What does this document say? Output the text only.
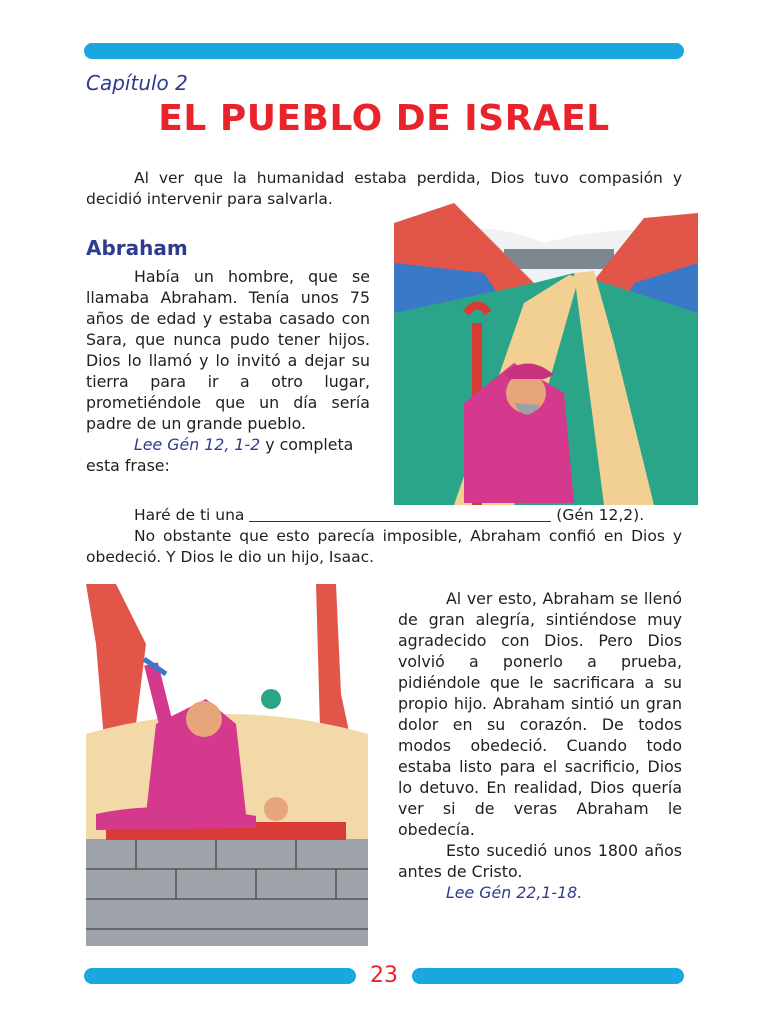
Capítulo 2
EL PUEBLO DE ISRAEL

Al ver que la humanidad estaba perdida, Dios tuvo compasión y decidió intervenir para salvarla.

Abraham

Había un hombre, que se llamaba Abraham. Tenía unos 75 años de edad y estaba casado con Sara, que nunca pudo tener hijos. Dios lo llamó y lo invitó a dejar su tierra para ir a otro lugar, prometiéndole que un día sería padre de un grande pueblo.

Lee Gén 12, 1-2 y completa esta frase:

Haré de ti una	(Gén 12,2).

No obstante que esto parecía imposible, Abraham confió en Dios y obedeció. Y Dios le dio un hijo, Isaac.

Al ver esto, Abraham se llenó de gran alegría, sintiéndose muy agradecido con Dios. Pero Dios volvió a ponerlo a prueba, pidiéndole que le sacrificara a su propio hijo. Abraham sintió un gran dolor en su corazón. De todos modos obedeció. Cuando todo estaba listo para el sacrificio, Dios lo detuvo. En realidad, Dios quería ver si de veras Abraham le obedecía.

Esto sucedió unos 1800 años antes de Cristo.

Lee Gén 22,1-18.

23
